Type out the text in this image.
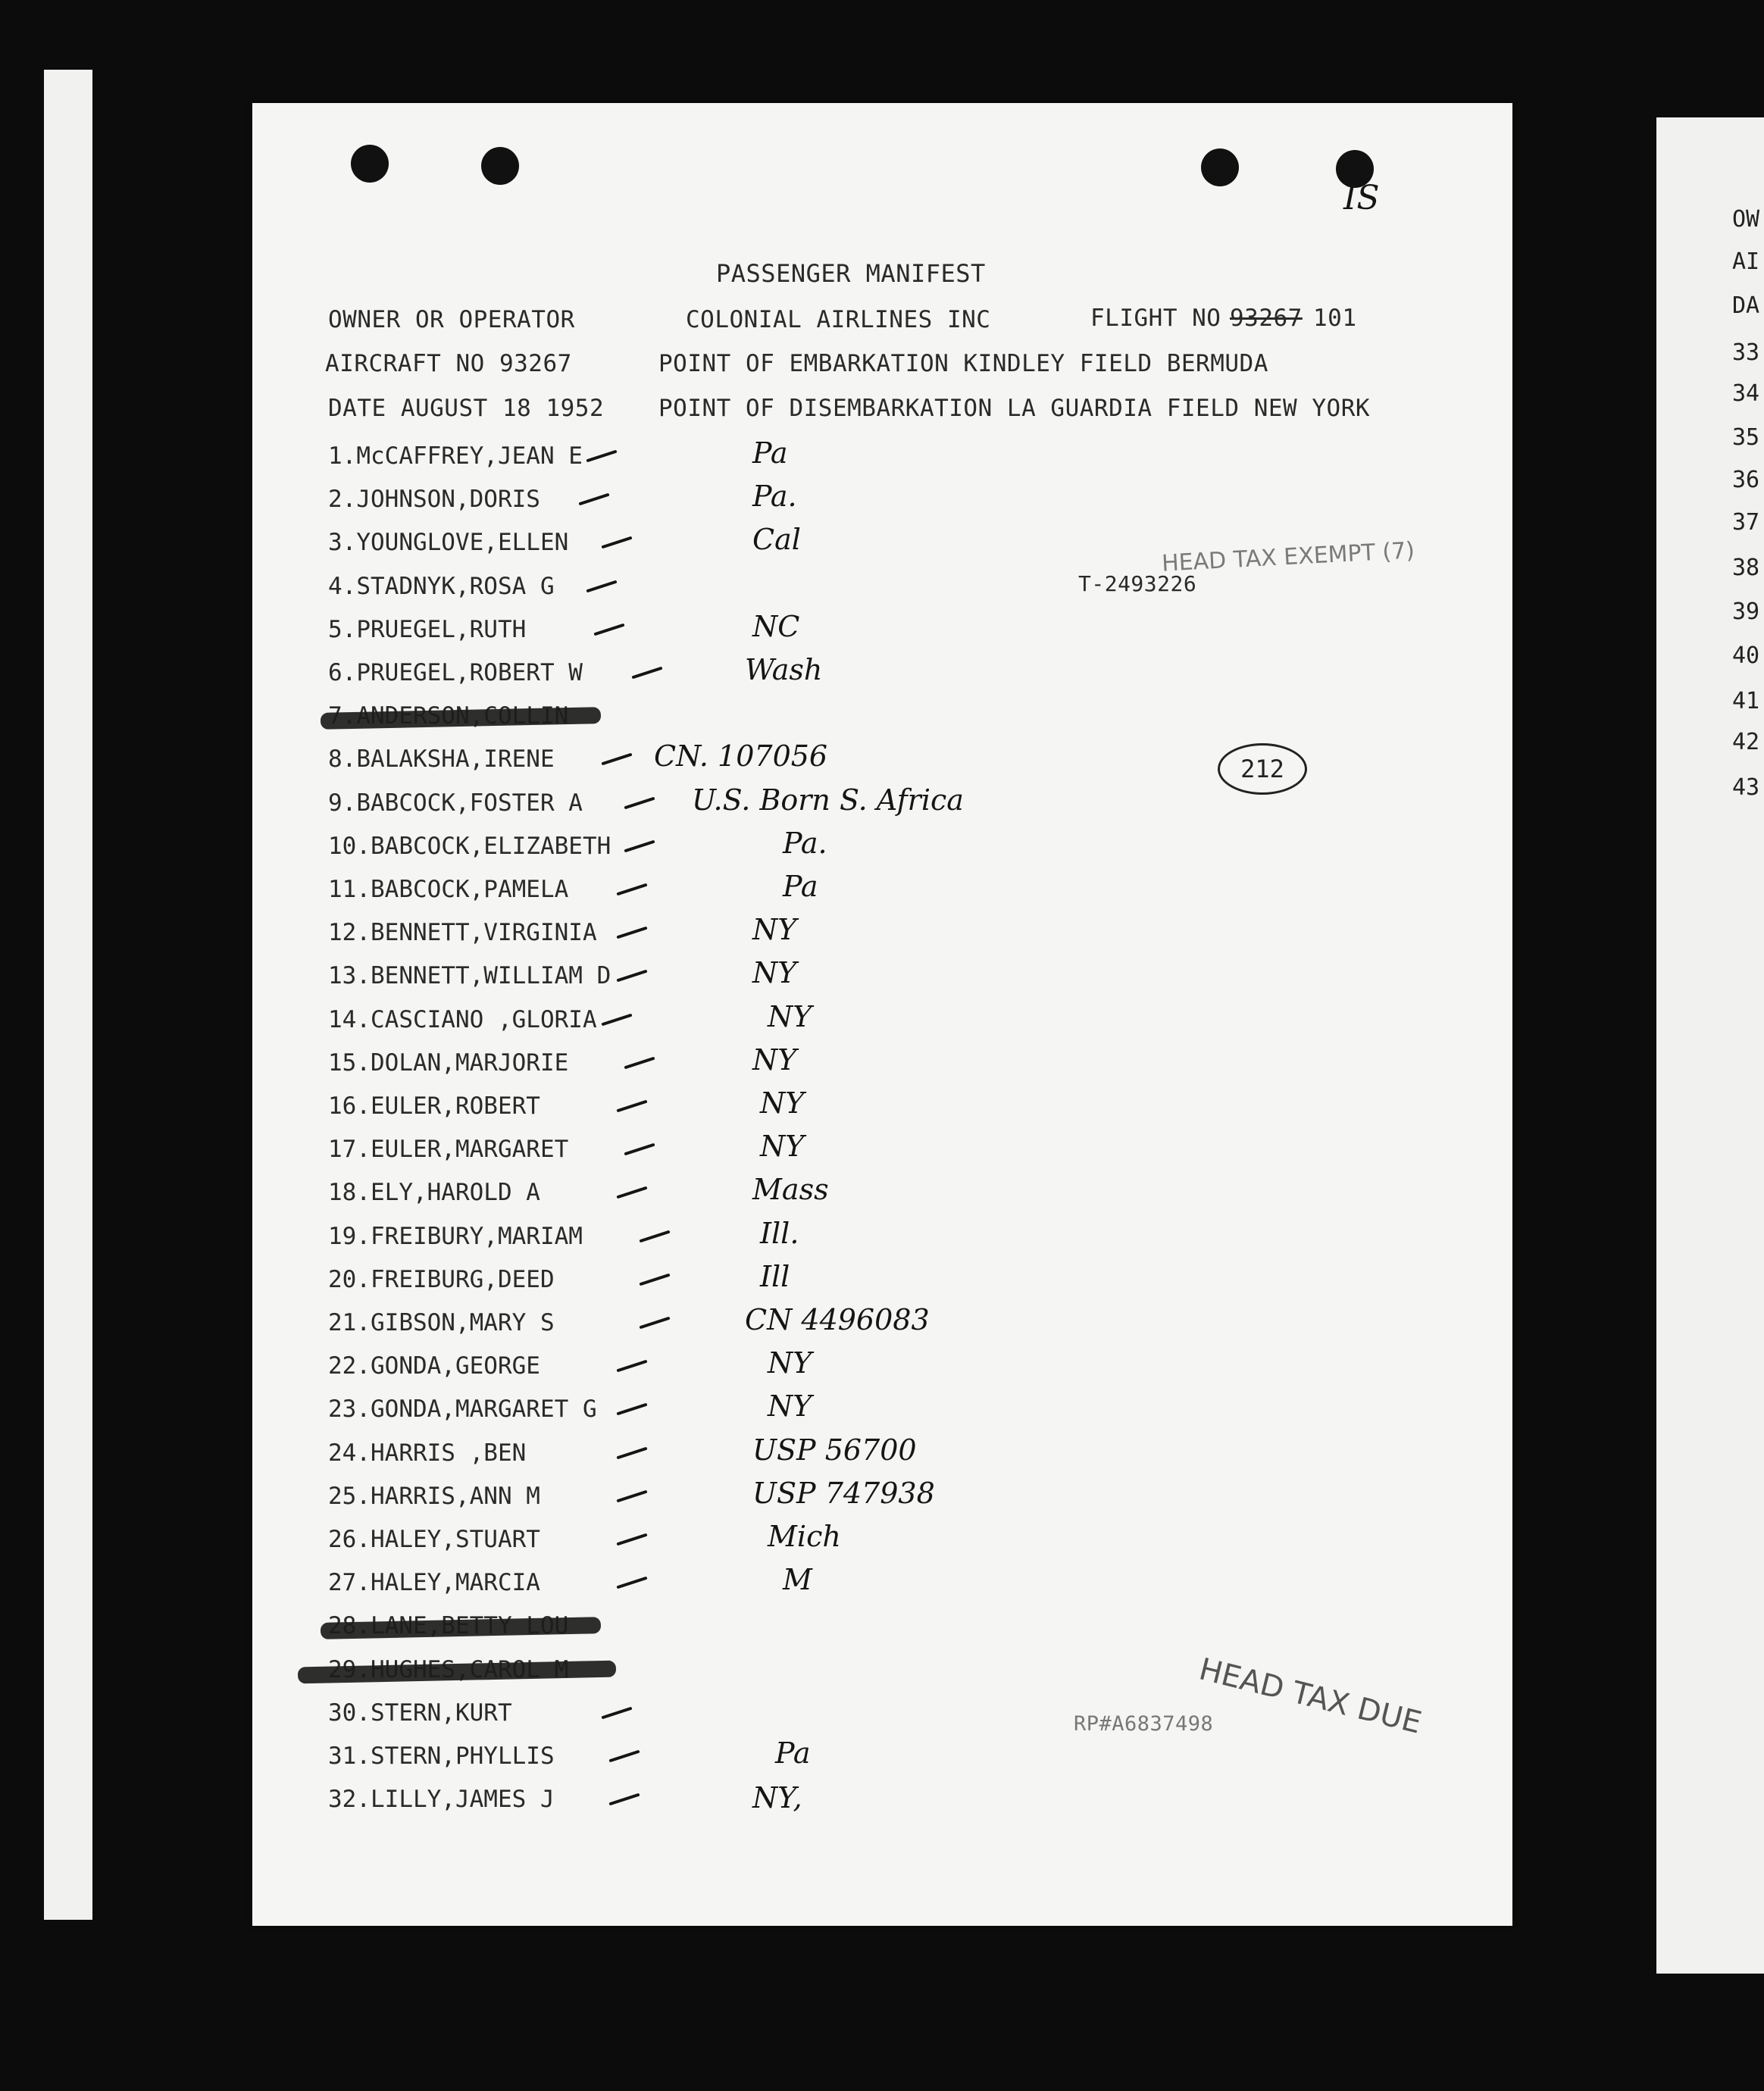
OW
AI
DA
33
34
35
36
37
38
39
40
41
42
43
IS
PASSENGER MANIFEST
OWNER OR OPERATOR	COLONIAL AIRLINES INC	FLIGHT NO 93267 101
AIRCRAFT NO 93267	POINT OF EMBARKATION KINDLEY FIELD BERMUDA
DATE AUGUST 18 1952 POINT OF DISEMBARKATION LA GUARDIA FIELD NEW YORK
1.McCAFFREY,JEAN E	Pa
2.JOHNSON,DORIS	Pa.
3.YOUNGLOVE,ELLEN	Cal
4.STADNYK,ROSA G
5.PRUEGEL,RUTH	NC
6.PRUEGEL,ROBERT W	Wash
8.BALAKSHA,IRENE	CN. 107056
9.BABCOCK,FOSTER A	U.S. Born S. Africa
10.BABCOCK,ELIZABETH	Pa.
11.BABCOCK,PAMELA	Pa
12.BENNETT,VIRGINIA	NY
13.BENNETT,WILLIAM D	NY
14.CASCIANO ,GLORIA	NY
15.DOLAN,MARJORIE	NY
16.EULER,ROBERT	NY
17.EULER,MARGARET	NY
18.ELY,HAROLD A	Mass
19.FREIBURY,MARIAM	Ill.
20.FREIBURG,DEED	Ill
21.GIBSON,MARY S	CN 4496083
22.GONDA,GEORGE	NY
23.GONDA,MARGARET G	NY
24.HARRIS ,BEN	USP 56700
25.HARRIS,ANN M	USP 747938
26.HALEY,STUART	Mich
27.HALEY,MARCIA	M
30.STERN,KURT
31.STERN,PHYLLIS	Pa
32.LILLY,JAMES J	NY,
HEAD TAX EXEMPT (7)
T-2493226
212
HEAD TAX DUE
RP#A6837498
